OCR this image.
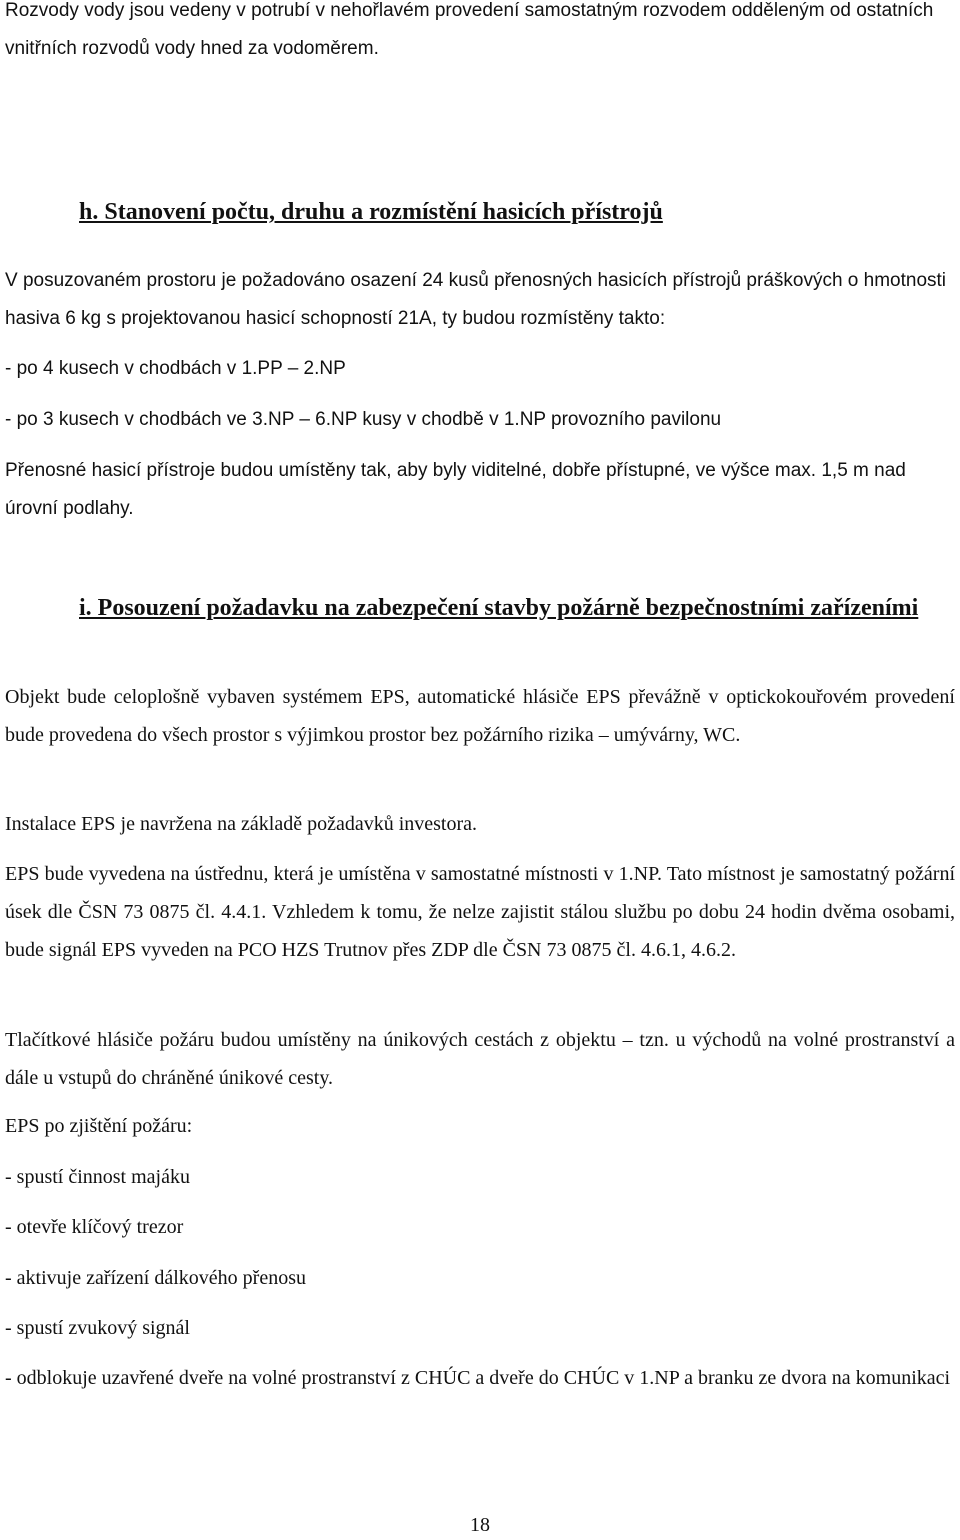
Rozvody vody jsou vedeny v potrubí v nehořlavém provedení samostatným rozvodem odděleným od ostatních vnitřních rozvodů vody hned za vodoměrem.

h. Stanovení počtu, druhu a rozmístění hasicích přístrojů

V posuzovaném prostoru je požadováno osazení 24 kusů přenosných hasicích přístrojů práškových o hmotnosti hasiva 6 kg s projektovanou hasicí schopností 21A, ty budou rozmístěny takto:

- po 4 kusech v chodbách v 1.PP – 2.NP

- po 3 kusech v chodbách ve 3.NP – 6.NP kusy v chodbě v 1.NP provozního pavilonu

Přenosné hasicí přístroje budou umístěny tak, aby byly viditelné, dobře přístupné, ve výšce max. 1,5 m nad úrovní podlahy.

i. Posouzení požadavku na zabezpečení stavby požárně bezpečnostními zařízeními

Objekt bude celoplošně vybaven systémem EPS, automatické hlásiče EPS převážně v optickokouřovém provedení bude provedena do všech prostor s výjimkou prostor bez požárního rizika – umývárny, WC.

Instalace EPS je navržena na základě požadavků investora.

EPS bude vyvedena na ústřednu, která je umístěna v samostatné místnosti v 1.NP. Tato místnost je samostatný požární úsek dle ČSN 73 0875 čl. 4.4.1. Vzhledem k tomu, že nelze zajistit stálou službu po dobu 24 hodin dvěma osobami, bude signál EPS vyveden na PCO HZS Trutnov přes ZDP dle ČSN 73 0875 čl. 4.6.1, 4.6.2.

Tlačítkové hlásiče požáru budou umístěny na únikových cestách z objektu – tzn. u východů na volné prostranství a dále u vstupů do chráněné únikové cesty.

EPS po zjištění požáru:

- spustí činnost majáku

- otevře klíčový trezor

- aktivuje zařízení dálkového přenosu

- spustí zvukový signál

- odblokuje uzavřené dveře na volné prostranství z CHÚC a dveře do CHÚC v 1.NP a branku ze dvora na komunikaci

18
